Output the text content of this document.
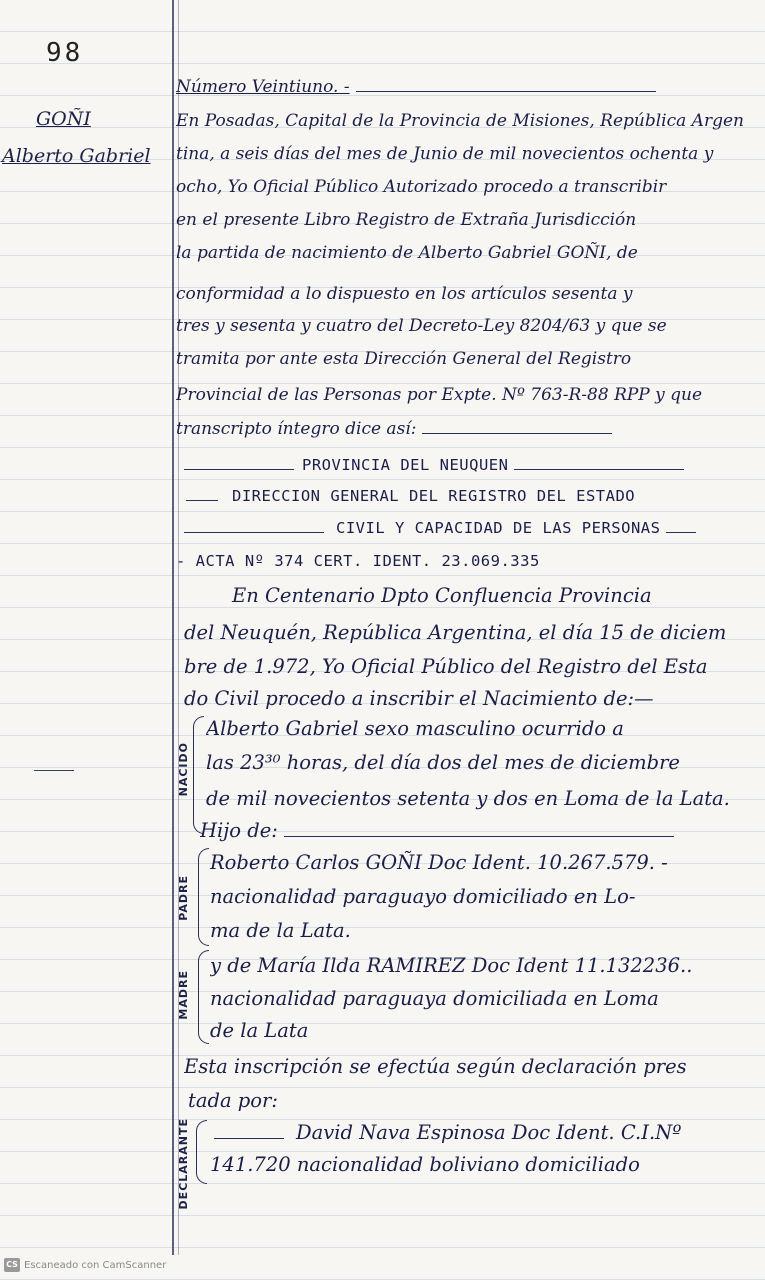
98
GOÑI
Alberto Gabriel
Número Veintiuno. -
En Posadas, Capital de la Provincia de Misiones, República Argen
tina, a seis días del mes de Junio de mil novecientos ochenta y
ocho, Yo Oficial Público Autorizado procedo a transcribir
en el presente Libro Registro de Extraña Jurisdicción
la partida de nacimiento de Alberto Gabriel GOÑI, de
conformidad a lo dispuesto en los artículos sesenta y
tres y sesenta y cuatro del Decreto-Ley 8204/63 y que se
tramita por ante esta Dirección General del Registro
Provincial de las Personas por Expte. Nº 763-R-88 RPP y que
transcripto íntegro dice así:
PROVINCIA DEL NEUQUEN
DIRECCION GENERAL DEL REGISTRO DEL ESTADO
CIVIL Y CAPACIDAD DE LAS PERSONAS
- ACTA Nº 374 CERT. IDENT. 23.069.335
En Centenario Dpto Confluencia Provincia
del Neuquén, República Argentina, el día 15 de diciem
bre de 1.972, Yo Oficial Público del Registro del Esta
do Civil procedo a inscribir el Nacimiento de:—
NACIDO
Alberto Gabriel sexo masculino ocurrido a
las 23³⁰ horas, del día dos del mes de diciembre
de mil novecientos setenta y dos en Loma de la Lata.
Hijo de:
PADRE
Roberto Carlos GOÑI Doc Ident. 10.267.579. -
nacionalidad paraguayo domiciliado en Lo-
ma de la Lata.
MADRE
y de María Ilda RAMIREZ Doc Ident 11.132236..
nacionalidad paraguaya domiciliada en Loma
de la Lata
Esta inscripción se efectúa según declaración pres
tada por:
DECLARANTE	David Nava Espinosa Doc Ident. C.I.Nº
141.720 nacionalidad boliviano domiciliado
CS Escaneado con CamScanner
